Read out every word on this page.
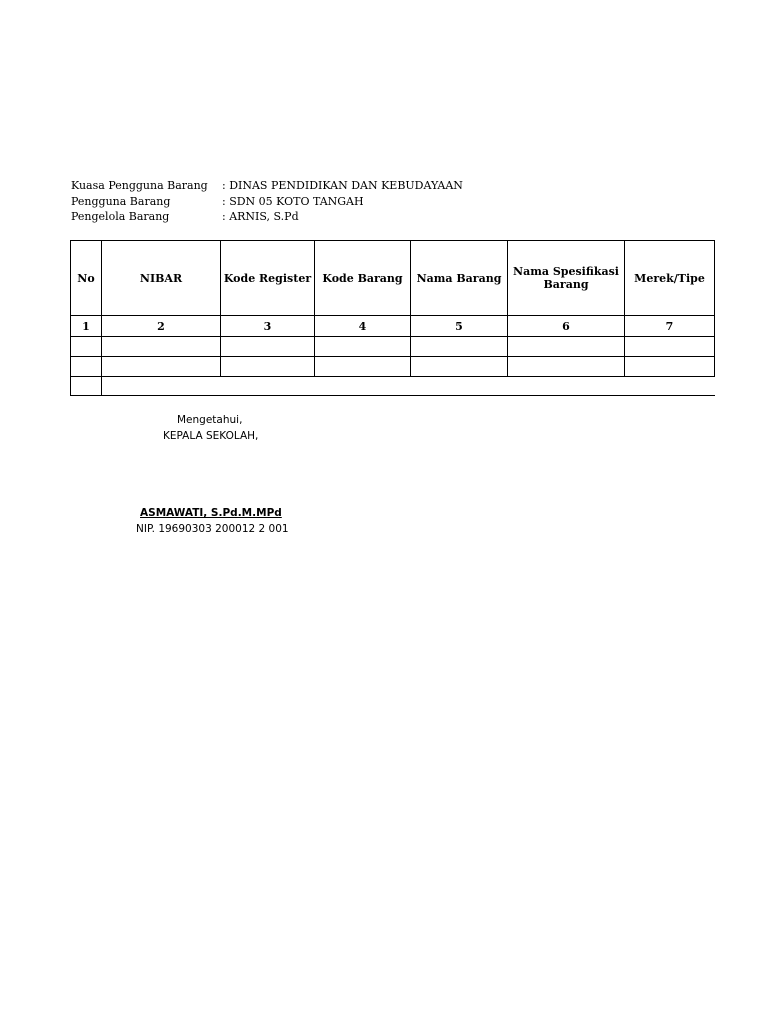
Kuasa Pengguna Barang	: DINAS PENDIDIKAN DAN KEBUDAYAAN
Pengguna Barang	: SDN 05 KOTO TANGAH
Pengelola Barang	: ARNIS, S.Pd
No	NIBAR	Kode Register	Kode Barang	Nama Barang	Nama Spesifikasi Barang	Merek/Tipe
1	2	3	4	5	6	7

Mengetahui,
KEPALA SEKOLAH,
ASMAWATI, S.Pd.M.MPd
NIP. 19690303 200012 2 001
